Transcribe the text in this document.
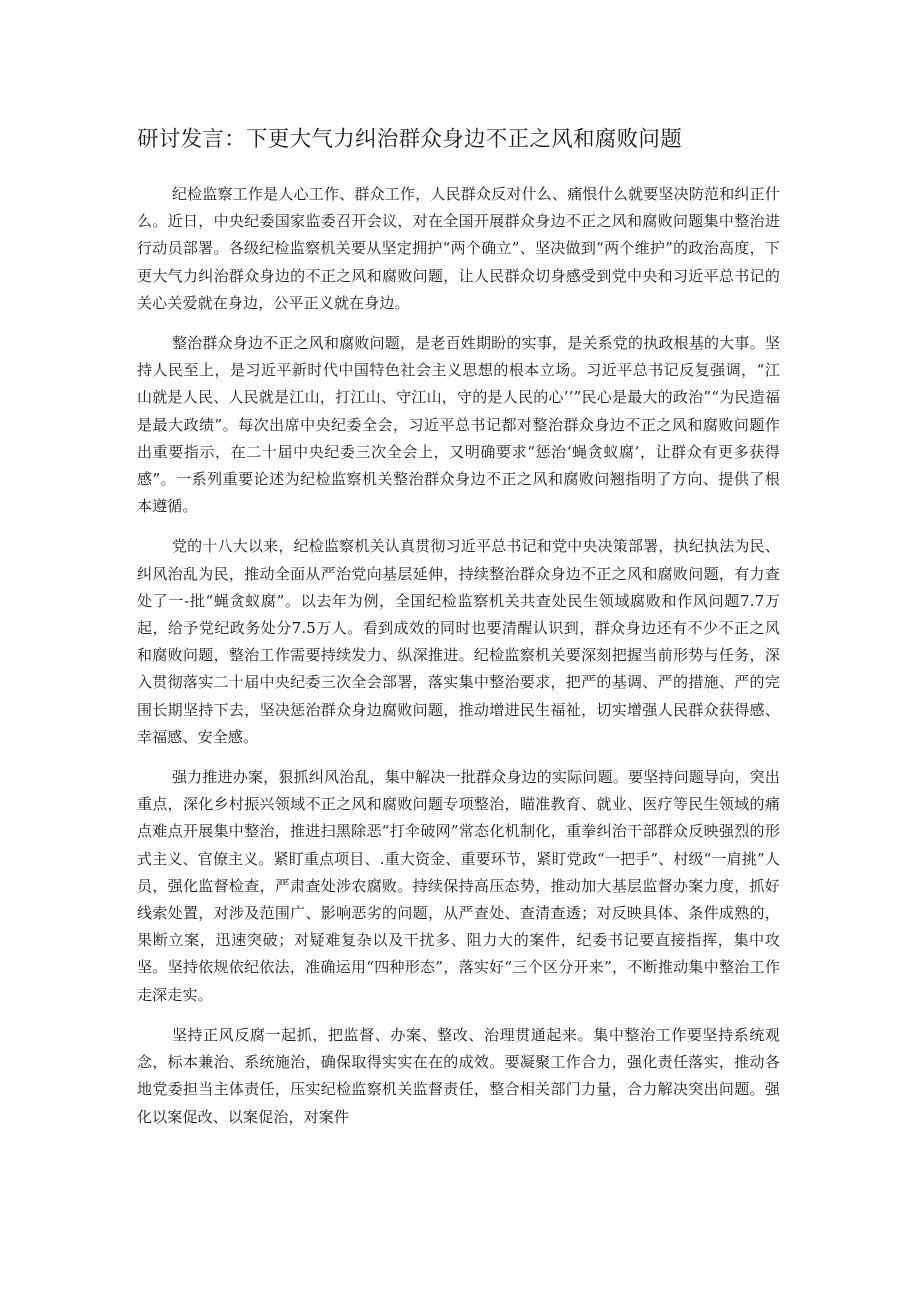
研讨发言：下更大气力纠治群众身边不正之风和腐败问题

纪检监察工作是人心工作、群众工作，人民群众反对什么、痛恨什么就要坚决防范和纠正什么。近日，中央纪委国家监委召开会议，对在全国开展群众身边不正之风和腐败问题集中整治进行动员部署。各级纪检监察机关要从坚定拥护“两个确立”、坚决做到“两个维护”的政治高度，下更大气力纠治群众身边的不正之风和腐败问题，让人民群众切身感受到党中央和习近平总书记的关心关爱就在身边，公平正义就在身边。

整治群众身边不正之风和腐败问题，是老百姓期盼的实事，是关系党的执政根基的大事。坚持人民至上，是习近平新时代中国特色社会主义思想的根本立场。习近平总书记反复强调，“江山就是人民、人民就是江山，打江山、守江山，守的是人民的心’’”民心是最大的政治”“为民造福是最大政绩”。每次出席中央纪委全会，习近平总书记都对整治群众身边不正之风和腐败问题作出重要指示，在二十届中央纪委三次全会上，又明确要求“惩治‘蝇贪蚁腐’，让群众有更多获得感”。一系列重要论述为纪检监察机关整治群众身边不正之风和腐败问翘指明了方向、提供了根本遵循。

党的十八大以来，纪检监察机关认真贯彻习近平总书记和党中央决策部署，执纪执法为民、纠风治乱为民，推动全面从严治党向基层延伸，持续整治群众身边不正之风和腐败问题，有力查处了一-批“蝇贪蚁腐”。以去年为例，全国纪检监察机关共查处民生领域腐败和作风问题7.7万起，给予党纪政务处分7.5万人。看到成效的同时也要清醒认识到，群众身边还有不少不正之风和腐败问题，整治工作需要持续发力、纵深推进。纪检监察机关要深刻把握当前形势与任务，深入贯彻落实二十届中央纪委三次全会部署，落实集中整治要求，把严的基调、严的措施、严的完围长期坚持下去，坚决惩治群众身边腐败问题，推动增进民生福祉，切实增强人民群众获得感、幸福感、安全感。

强力推进办案，狠抓纠风治乱，集中解决一批群众身边的实际问题。要坚持问题导向，突出重点，深化乡村振兴领域不正之风和腐败问题专项整治，瞄准教育、就业、医疗等民生领域的痛点难点开展集中整治，推进扫黑除恶“打伞破网”常态化机制化，重拳纠治干部群众反映强烈的形式主义、官僚主义。紧盯重点项目、.重大资金、重要环节，紧盯党政“一把手”、村级“一肩挑”人员，强化监督检查，严肃查处涉农腐败。持续保持高压态势，推动加大基层监督办案力度，抓好线索处置，对涉及范围广、影响恶劣的问题，从严查处、查清查透；对反映具体、条件成熟的，果断立案，迅速突破；对疑难复杂以及干扰多、阻力大的案件，纪委书记要直接指挥，集中攻坚。坚持依规依纪依法，准确运用“四种形态”，落实好“三个区分开来”，不断推动集中整治工作走深走实。

坚持正风反腐一起抓，把监督、办案、整改、治理贯通起来。集中整治工作要坚持系统观念，标本兼治、系统施治，确保取得实实在在的成效。要凝聚工作合力，强化责任落实，推动各地党委担当主体责任，压实纪检监察机关监督责任，整合相关部门力量，合力解决突出问题。强化以案促改、以案促治，对案件
